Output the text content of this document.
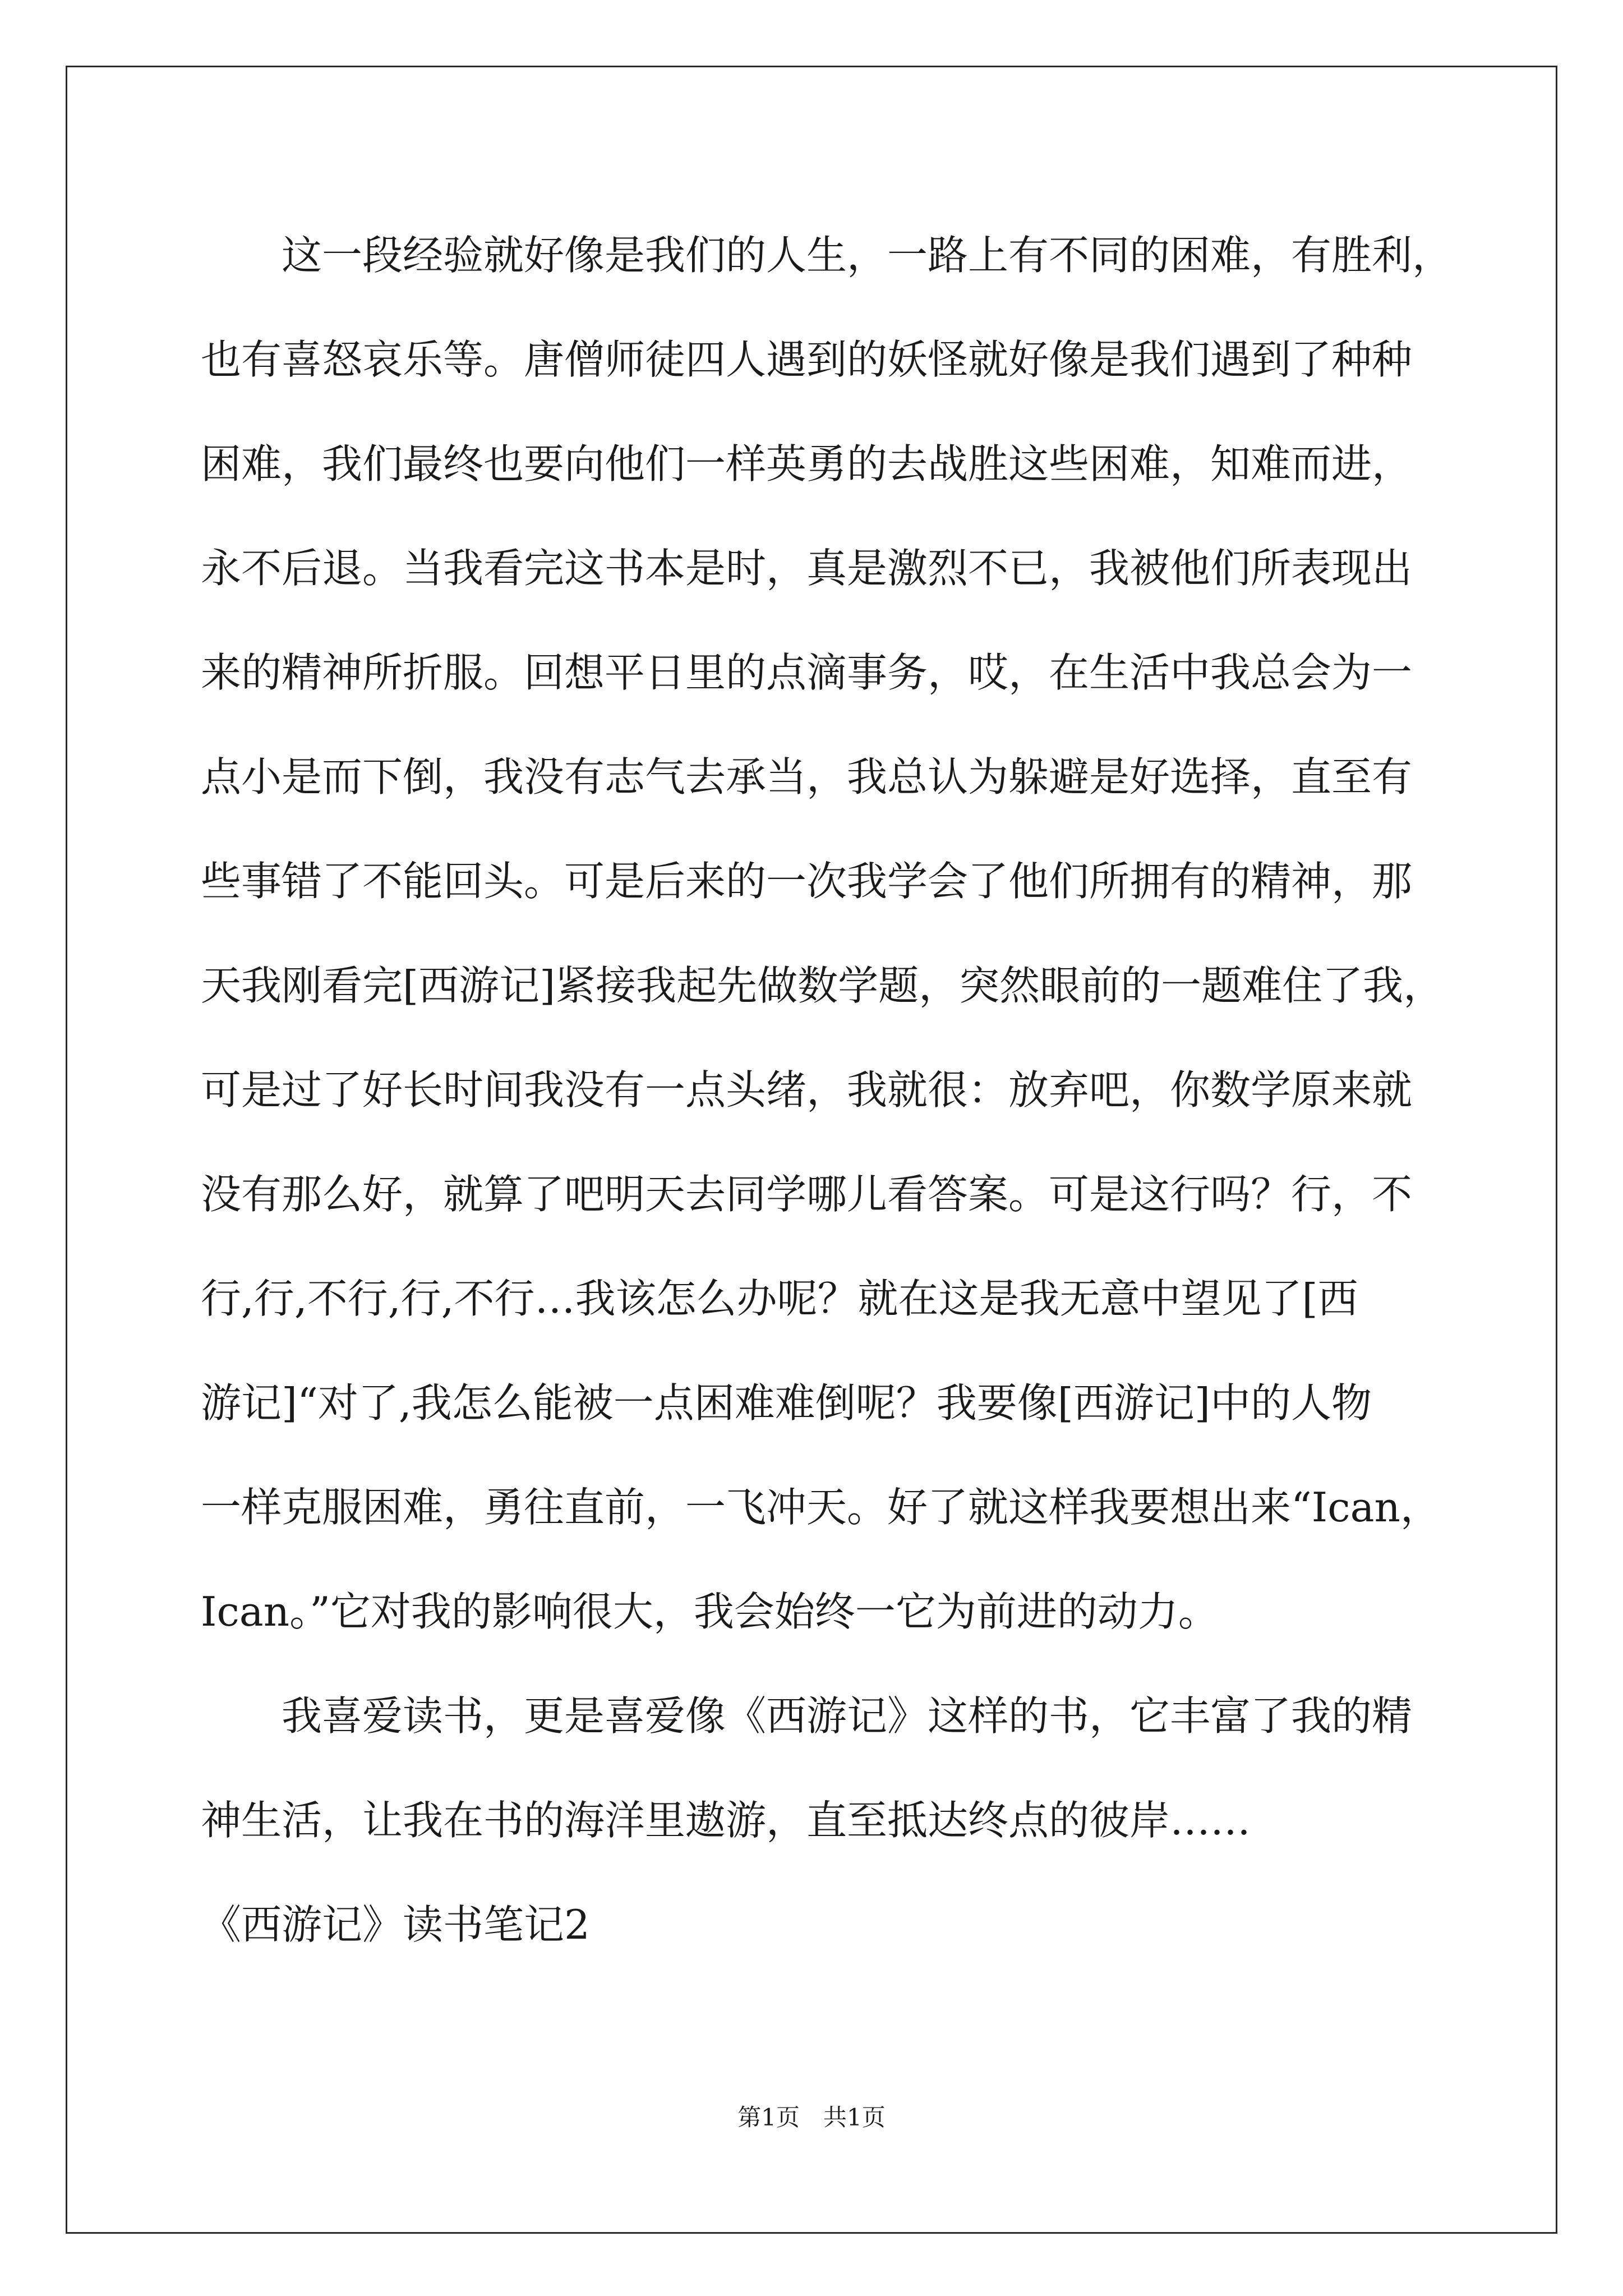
这一段经验就好像是我们的人生，一路上有不同的困难，有胜利，
也有喜怒哀乐等。唐僧师徒四人遇到的妖怪就好像是我们遇到了种种
困难，我们最终也要向他们一样英勇的去战胜这些困难，知难而进，
永不后退。当我看完这书本是时，真是激烈不已，我被他们所表现出
来的精神所折服。回想平日里的点滴事务，哎，在生活中我总会为一
点小是而下倒，我没有志气去承当，我总认为躲避是好选择，直至有
些事错了不能回头。可是后来的一次我学会了他们所拥有的精神，那
天我刚看完[西游记]紧接我起先做数学题，突然眼前的一题难住了我，
可是过了好长时间我没有一点头绪，我就很：放弃吧，你数学原来就
没有那么好，就算了吧明天去同学哪儿看答案。可是这行吗？行，不
行,行,不行,行,不行…我该怎么办呢？就在这是我无意中望见了[西
游记]“对了,我怎么能被一点困难难倒呢？我要像[西游记]中的人物
一样克服困难，勇往直前，一飞冲天。好了就这样我要想出来“Ican，
Ican。”它对我的影响很大，我会始终一它为前进的动力。
我喜爱读书，更是喜爱像《西游记》这样的书，它丰富了我的精
神生活，让我在书的海洋里遨游，直至抵达终点的彼岸……
《西游记》读书笔记2
第1页　共1页
